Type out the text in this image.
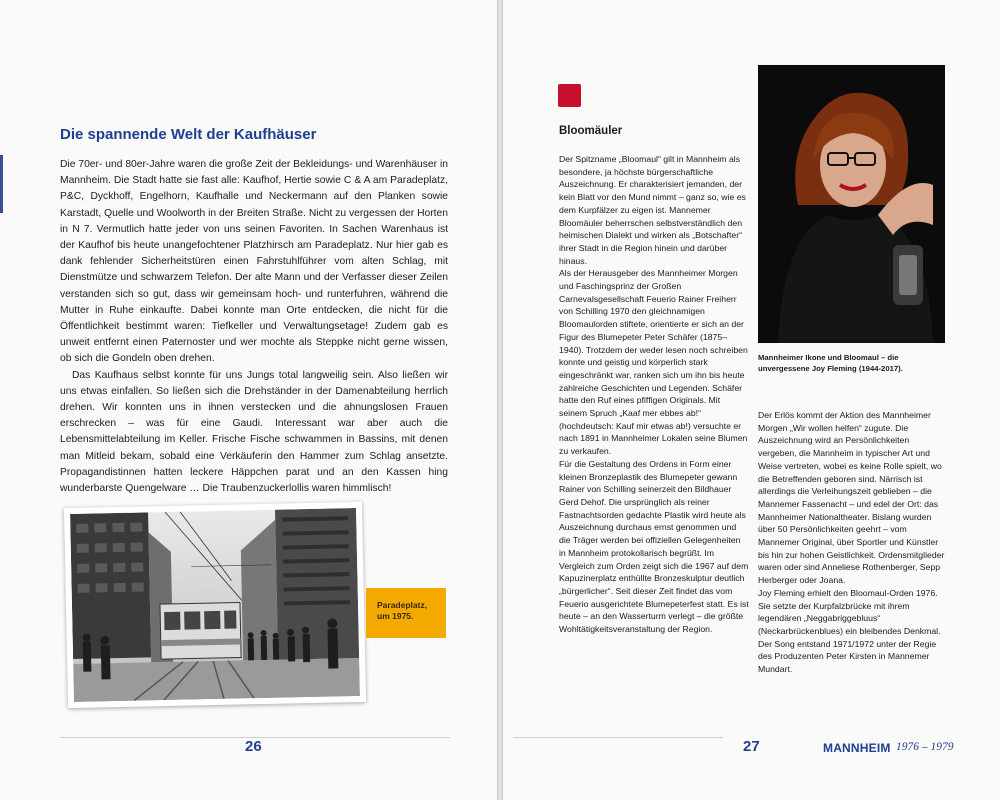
Die spannende Welt der Kaufhäuser

Die 70er- und 80er-Jahre waren die große Zeit der Bekleidungs- und Warenhäuser in Mannheim. Die Stadt hatte sie fast alle: Kaufhof, Hertie sowie C & A am Paradeplatz, P&C, Dyckhoff, Engelhorn, Kaufhalle und Neckermann auf den Planken sowie Karstadt, Quelle und Woolworth in der Breiten Straße. Nicht zu vergessen der Horten in N 7. Vermutlich hatte jeder von uns seinen Favoriten. In Sachen Warenhaus ist der Kaufhof bis heute unangefochtener Platzhirsch am Paradeplatz. Nur hier gab es dank fehlender Sicherheitstüren einen Fahrstuhlführer vom alten Schlag, mit Dienstmütze und schwarzem Telefon. Der alte Mann und der Verfasser dieser Zeilen verstanden sich so gut, dass wir gemeinsam hoch- und runterfuhren, während die Mutter in Ruhe einkaufte. Dabei konnte man Orte entdecken, die nicht für die Öffentlichkeit bestimmt waren: Tiefkeller und Verwaltungsetage! Zudem gab es unweit entfernt einen Paternoster und wer mochte als Steppke nicht gerne wissen, ob sich die Gondeln oben drehen.

Das Kaufhaus selbst konnte für uns Jungs total langweilig sein. Also ließen wir uns etwas einfallen. So ließen sich die Drehständer in der Damenabteilung herrlich drehen. Wir konnten uns in ihnen verstecken und die ahnungslosen Frauen erschrecken – was für eine Gaudi. Interessant war aber auch die Lebensmittelabteilung im Keller. Frische Fische schwammen in Bassins, mit denen man Mitleid bekam, sobald eine Verkäuferin den Hammer zum Schlag ansetzte. Propagandistinnen hatten leckere Häppchen parat und an den Kassen hing wunderbarste Quengelware … Die Traubenzuckerlollis waren himmlisch!

Paradeplatz, um 1975.
26
Bloomäuler

Der Spitzname „Bloomaul“ gilt in Mannheim als besondere, ja höchste bürgerschaftliche Auszeichnung. Er charakterisiert jemanden, der kein Blatt vor den Mund nimmt – ganz so, wie es dem Kurpfälzer zu eigen ist. Mannemer Bloomäuler beherrschen selbstverständlich den heimischen Dialekt und wirken als „Botschafter“ ihrer Stadt in die Region hinein und darüber hinaus.

Als der Herausgeber des Mannheimer Morgen und Faschingsprinz der Großen Carnevalsgesellschaft Feuerio Rainer Freiherr von Schilling 1970 den gleichnamigen Bloomaulorden stiftete, orientierte er sich an der Figur des Blumepeter Peter Schäfer (1875–1940). Trotzdem der weder lesen noch schreiben konnte und geistig und körperlich stark eingeschränkt war, ranken sich um ihn bis heute zahlreiche Geschichten und Legenden. Schäfer hatte den Ruf eines pfiffigen Originals. Mit seinem Spruch „Kaaf mer ebbes ab!“ (hochdeutsch: Kauf mir etwas ab!) versuchte er nach 1891 in Mannheimer Lokalen seine Blumen zu verkaufen.

Für die Gestaltung des Ordens in Form einer kleinen Bronzeplastik des Blumepeter gewann Rainer von Schilling seinerzeit den Bildhauer Gerd Dehof. Die ursprünglich als reiner Fastnachtsorden gedachte Plastik wird heute als Auszeichnung durchaus ernst genommen und die Träger werden bei offiziellen Gelegenheiten in Mannheim protokollarisch begrüßt. Im Vergleich zum Orden zeigt sich die 1967 auf dem Kapuzinerplatz enthüllte Bronzeskulptur deutlich „bürgerlicher“. Seit dieser Zeit findet das vom Feuerio ausgerichtete Blumepeterfest statt. Es ist heute – an den Wasserturm verlegt – die größte Wohltätigkeitsveranstaltung der Region.

Mannheimer Ikone und Bloomaul – die unvergessene Joy Fleming (1944-2017).

Der Erlös kommt der Aktion des Mannheimer Morgen „Wir wollen helfen“ zugute. Die Auszeichnung wird an Persönlichkeiten vergeben, die Mannheim in typischer Art und Weise vertreten, wobei es keine Rolle spielt, wo die Betreffenden geboren sind. Närrisch ist allerdings die Verleihungszeit geblieben – die Mannemer Fassenacht – und edel der Ort: das Mannheimer Nationaltheater. Bislang wurden über 50 Persönlichkeiten geehrt – vom Mannemer Original, über Sportler und Künstler bis hin zur hohen Geistlichkeit. Ordensmitglieder waren oder sind Anneliese Rothenberger, Sepp Herberger oder Joana.

Joy Fleming erhielt den Bloomaul-Orden 1976. Sie setzte der Kurpfalzbrücke mit ihrem legendären „Neggabriggebluus“ (Neckarbrückenblues) ein bleibendes Denkmal. Der Song entstand 1971/1972 unter der Regie des Produzenten Peter Kirsten in Mannemer Mundart.

27	MANNHEIM 1976 – 1979
